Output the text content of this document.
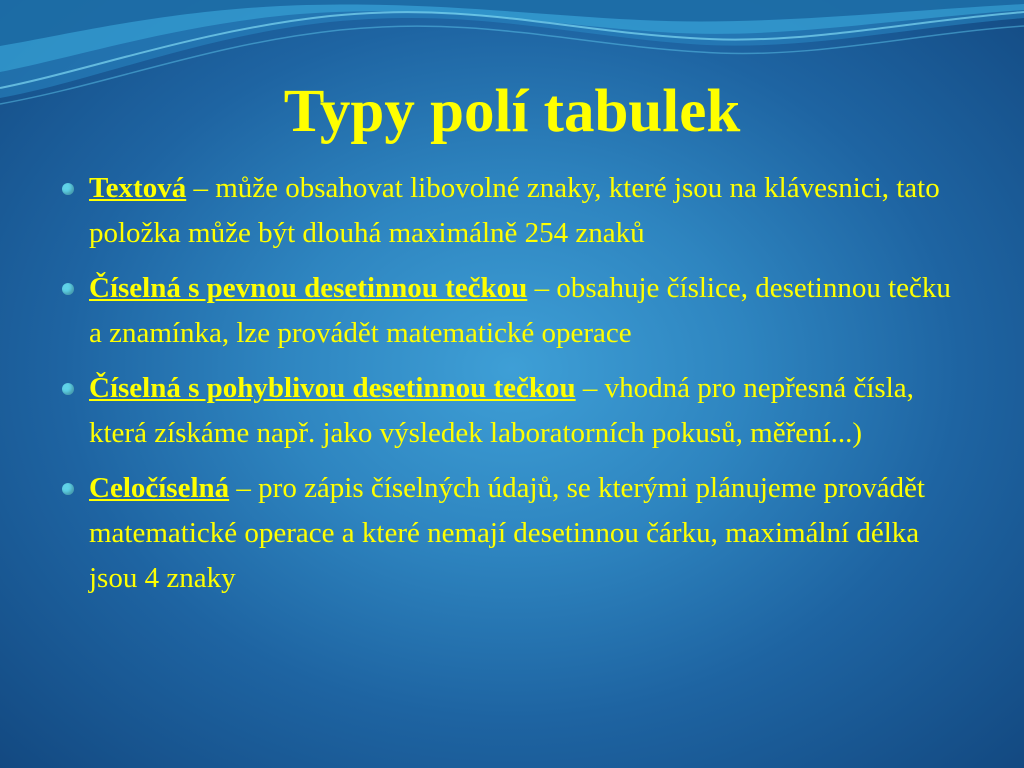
Typy polí tabulek
Textová – může obsahovat libovolné znaky, které jsou na klávesnici, tato položka může být dlouhá maximálně 254 znaků
Číselná s pevnou desetinnou tečkou – obsahuje číslice, desetinnou tečku a znamínka, lze provádět matematické operace
Číselná s pohyblivou desetinnou tečkou – vhodná pro nepřesná čísla, která získáme např. jako výsledek laboratorních pokusů, měření...)
Celočíselná – pro zápis číselných údajů, se kterými plánujeme provádět matematické operace a které nemají desetinnou čárku, maximální délka jsou 4 znaky
